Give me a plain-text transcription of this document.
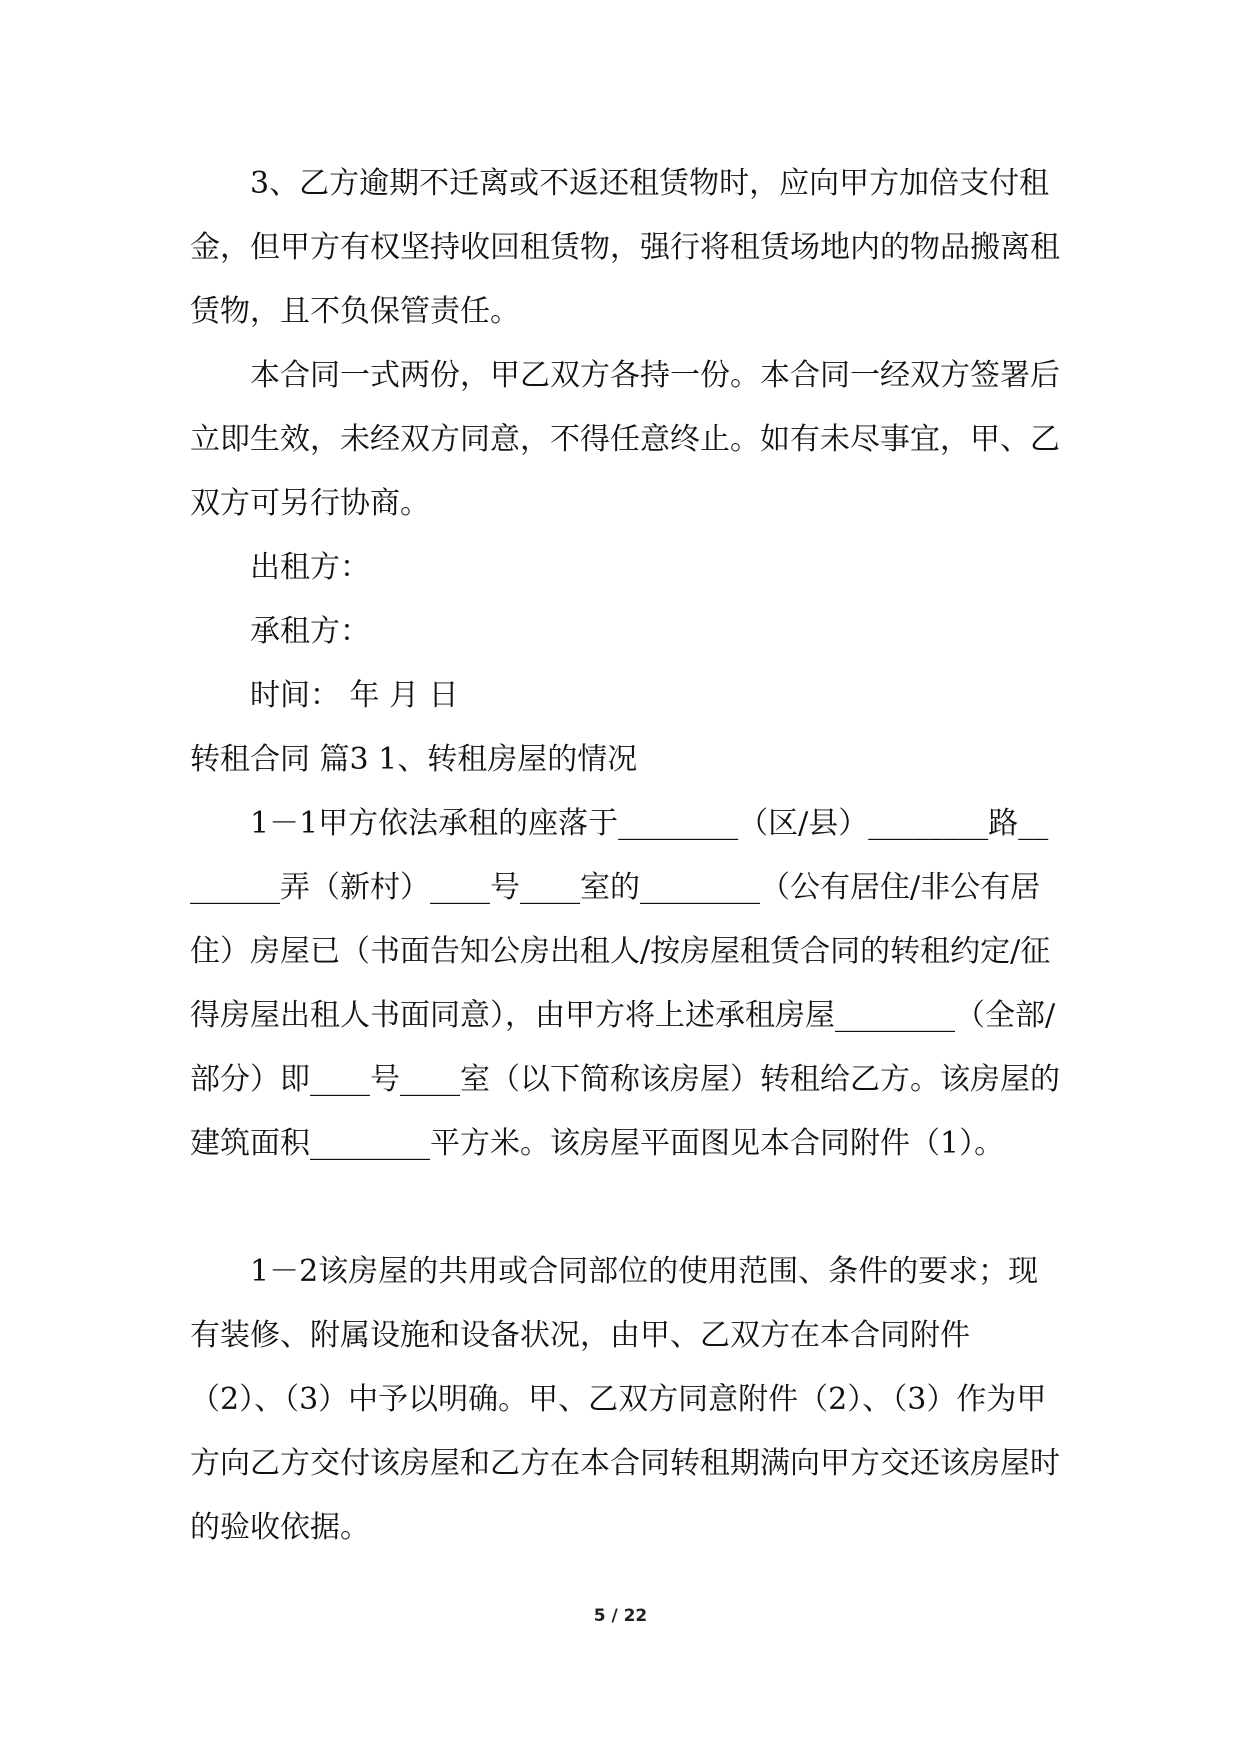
3、乙方逾期不迁离或不返还租赁物时，应向甲方加倍支付租金，但甲方有权坚持收回租赁物，强行将租赁场地内的物品搬离租赁物，且不负保管责任。

本合同一式两份，甲乙双方各持一份。本合同一经双方签署后立即生效，未经双方同意，不得任意终止。如有未尽事宜，甲、乙双方可另行协商。

出租方：

承租方：

时间： 年 月 日

转租合同 篇3 1、转租房屋的情况

1－1甲方依法承租的座落于________（区/县）________路________弄（新村）____号____室的________（公有居住/非公有居住）房屋已（书面告知公房出租人/按房屋租赁合同的转租约定/征得房屋出租人书面同意），由甲方将上述承租房屋________（全部/部分）即____号____室（以下简称该房屋）转租给乙方。该房屋的建筑面积________平方米。该房屋平面图见本合同附件（1）。

1－2该房屋的共用或合同部位的使用范围、条件的要求；现有装修、附属设施和设备状况，由甲、乙双方在本合同附件（2）、（3）中予以明确。甲、乙双方同意附件（2）、（3）作为甲方向乙方交付该房屋和乙方在本合同转租期满向甲方交还该房屋时的验收依据。

5 / 22
